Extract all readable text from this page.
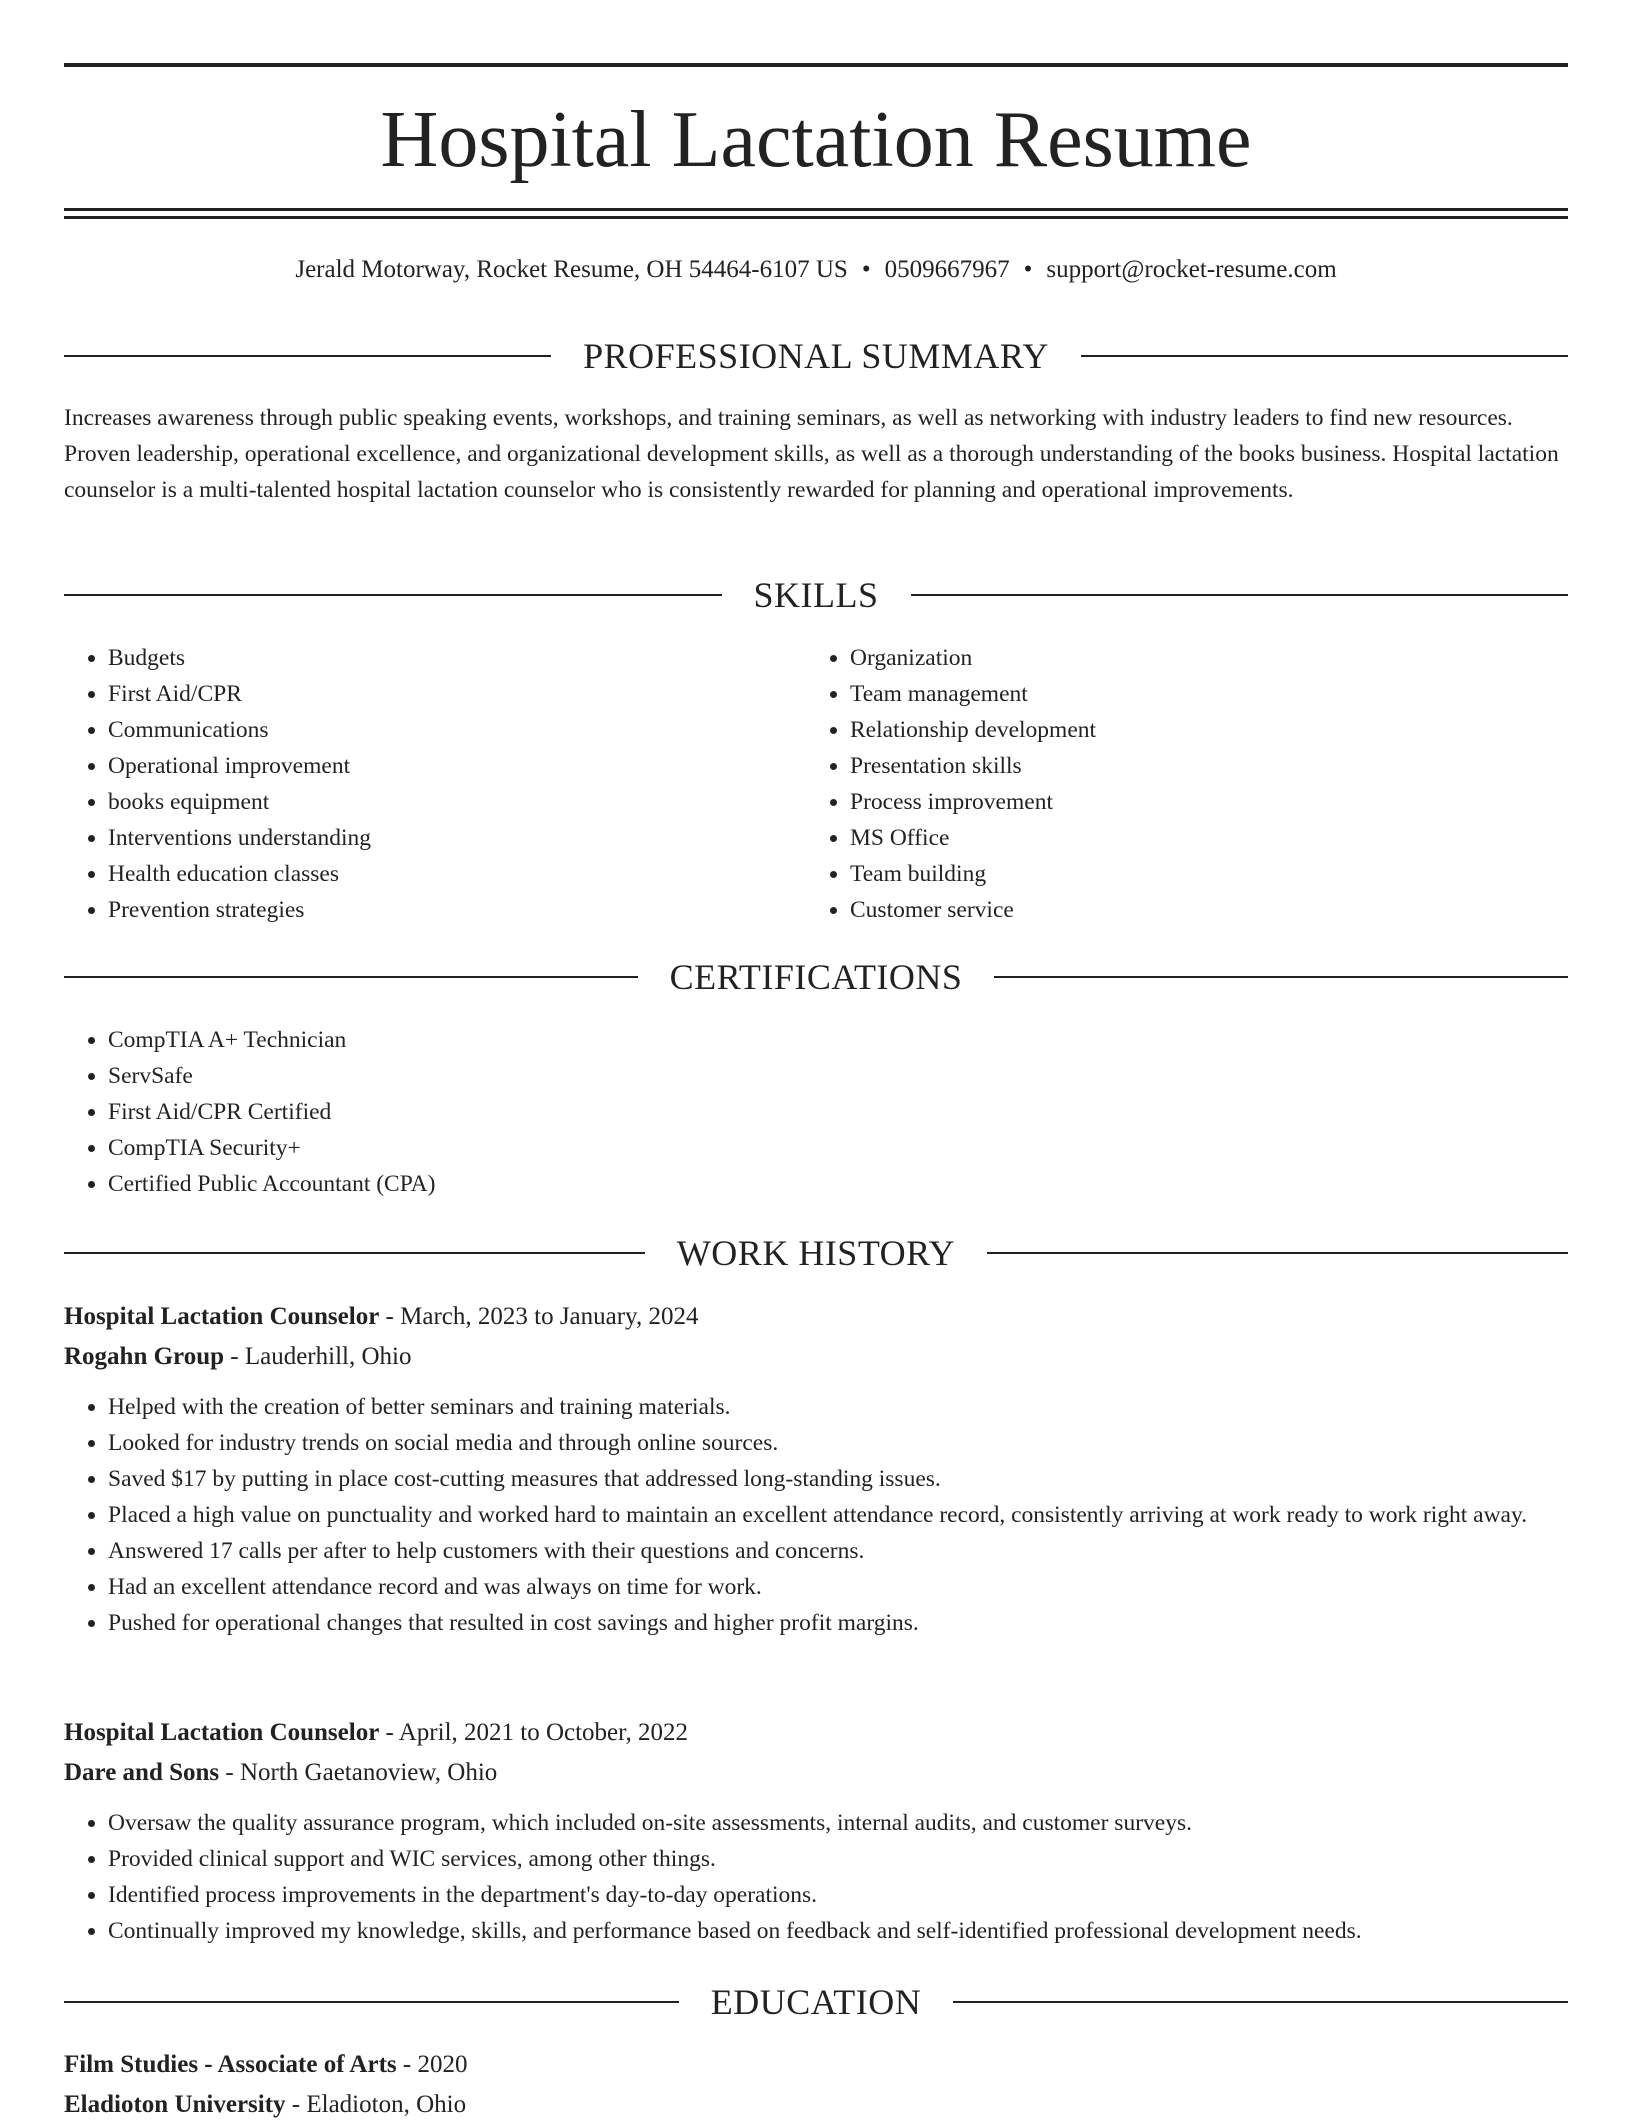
Hospital Lactation Resume
Jerald Motorway, Rocket Resume, OH 54464-6107 US • 0509667967 • support@rocket-resume.com
PROFESSIONAL SUMMARY

Increases awareness through public speaking events, workshops, and training seminars, as well as networking with industry leaders to find new resources. Proven leadership, operational excellence, and organizational development skills, as well as a thorough understanding of the books business. Hospital lactation counselor is a multi-talented hospital lactation counselor who is consistently rewarded for planning and operational improvements.

SKILLS
• Budgets
• First Aid/CPR
• Communications
• Operational improvement
• books equipment
• Interventions understanding
• Health education classes
• Prevention strategies
• Organization
• Team management
• Relationship development
• Presentation skills
• Process improvement
• MS Office
• Team building
• Customer service
CERTIFICATIONS
• CompTIA A+ Technician
• ServSafe
• First Aid/CPR Certified
• CompTIA Security+
• Certified Public Accountant (CPA)
WORK HISTORY
Hospital Lactation Counselor - March, 2023 to January, 2024
Rogahn Group - Lauderhill, Ohio
• Helped with the creation of better seminars and training materials.
• Looked for industry trends on social media and through online sources.
• Saved $17 by putting in place cost-cutting measures that addressed long-standing issues.
• Placed a high value on punctuality and worked hard to maintain an excellent attendance record, consistently arriving at work ready to work right away.
• Answered 17 calls per after to help customers with their questions and concerns.
• Had an excellent attendance record and was always on time for work.
• Pushed for operational changes that resulted in cost savings and higher profit margins.
Hospital Lactation Counselor - April, 2021 to October, 2022
Dare and Sons - North Gaetanoview, Ohio
• Oversaw the quality assurance program, which included on-site assessments, internal audits, and customer surveys.
• Provided clinical support and WIC services, among other things.
• Identified process improvements in the department's day-to-day operations.
• Continually improved my knowledge, skills, and performance based on feedback and self-identified professional development needs.
EDUCATION
Film Studies - Associate of Arts - 2020
Eladioton University - Eladioton, Ohio
